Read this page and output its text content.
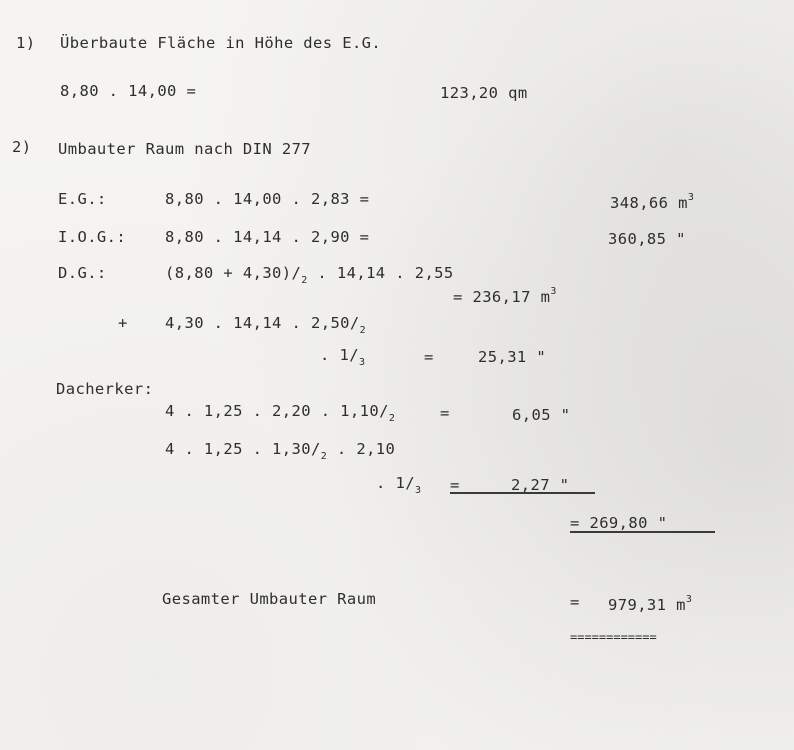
1) Überbaute Fläche in Höhe des E.G.
8,80 . 14,00 =	123,20 qm
2) Umbauter Raum nach DIN 277
E.G.:	8,80 . 14,00 . 2,83 =	348,66 $m^3$
I.O.G.:	8,80 . 14,14 . 2,90 =	360,85 "
D.G.:	$(8,80 + 4,30)/_2$ . 14,14 . 2,55
= 236,17 $m^3$
+ 4,30 . 14,14 . $2,50/_2$
. $1/_3$	=	25,31 "
Dacherker:
4 . 1,25 . 2,20 . $1,10/_2$	=	6,05 "
4 . 1,25 . $1,30/_2$ . 2,10
. $1/_3$ =	2,27 "
= 269,80 "
Gesamter Umbauter Raum	= 979,31 $m^3$
============
